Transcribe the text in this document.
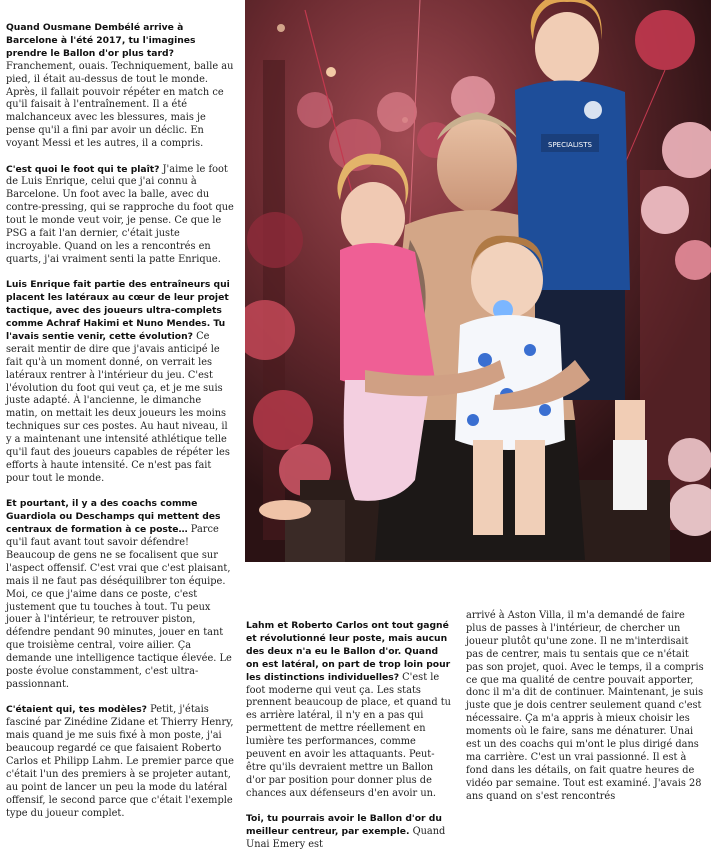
Quand Ousmane Dembélé arrive à Barcelone à l'été 2017, tu l'imagines prendre le Ballon d'or plus tard? Franchement, ouais. Techniquement, balle au pied, il était au-dessus de tout le monde. Après, il fallait pouvoir répéter en match ce qu'il faisait à l'entraînement. Il a été malchanceux avec les blessures, mais je pense qu'il a fini par avoir un déclic. En voyant Messi et les autres, il a compris.

C'est quoi le foot qui te plaît? J'aime le foot de Luis Enrique, celui que j'ai connu à Barcelone. Un foot avec la balle, avec du contre-pressing, qui se rapproche du foot que tout le monde veut voir, je pense. Ce que le PSG a fait l'an dernier, c'était juste incroyable. Quand on les a rencontrés en quarts, j'ai vraiment senti la patte Enrique.

Luis Enrique fait partie des entraîneurs qui placent les latéraux au cœur de leur projet tactique, avec des joueurs ultra-complets comme Achraf Hakimi et Nuno Mendes. Tu l'avais sentie venir, cette évolution? Ce serait mentir de dire que j'avais anticipé le fait qu'à un moment donné, on verrait les latéraux rentrer à l'intérieur du jeu. C'est l'évolution du foot qui veut ça, et je me suis juste adapté. À l'ancienne, le dimanche matin, on mettait les deux joueurs les moins techniques sur ces postes. Au haut niveau, il y a maintenant une intensité athlétique telle qu'il faut des joueurs capables de répéter les efforts à haute intensité. Ce n'est pas fait pour tout le monde.

Et pourtant, il y a des coachs comme Guardiola ou Deschamps qui mettent des centraux de formation à ce poste… Parce qu'il faut avant tout savoir défendre! Beaucoup de gens ne se focalisent que sur l'aspect offensif. C'est vrai que c'est plaisant, mais il ne faut pas déséquilibrer ton équipe. Moi, ce que j'aime dans ce poste, c'est justement que tu touches à tout. Tu peux jouer à l'intérieur, te retrouver piston, défendre pendant 90 minutes, jouer en tant que troisième central, voire ailier. Ça demande une intelligence tactique élevée. Le poste évolue constamment, c'est ultra-passionnant.

C'étaient qui, tes modèles? Petit, j'étais fasciné par Zinédine Zidane et Thierry Henry, mais quand je me suis fixé à mon poste, j'ai beaucoup regardé ce que faisaient Roberto Carlos et Philipp Lahm. Le premier parce que c'était l'un des premiers à se projeter autant, au point de lancer un peu la mode du latéral offensif, le second parce que c'était l'exemple type du joueur complet.

SPECIALISTS

Lahm et Roberto Carlos ont tout gagné et révolutionné leur poste, mais aucun des deux n'a eu le Ballon d'or. Quand on est latéral, on part de trop loin pour les distinctions individuelles? C'est le foot moderne qui veut ça. Les stats prennent beaucoup de place, et quand tu es arrière latéral, il n'y en a pas qui permettent de mettre réellement en lumière tes performances, comme peuvent en avoir les attaquants. Peut-être qu'ils devraient mettre un Ballon d'or par position pour donner plus de chances aux défenseurs d'en avoir un.

Toi, tu pourrais avoir le Ballon d'or du meilleur centreur, par exemple. Quand Unai Emery est

arrivé à Aston Villa, il m'a demandé de faire plus de passes à l'intérieur, de chercher un joueur plutôt qu'une zone. Il ne m'interdisait pas de centrer, mais tu sentais que ce n'était pas son projet, quoi. Avec le temps, il a compris ce que ma qualité de centre pouvait apporter, donc il m'a dit de continuer. Maintenant, je suis juste que je dois centrer seulement quand c'est nécessaire. Ça m'a appris à mieux choisir les moments où le faire, sans me dénaturer. Unai est un des coachs qui m'ont le plus dirigé dans ma carrière. C'est un vrai passionné. Il est à fond dans les détails, on fait quatre heures de vidéo par semaine. Tout est examiné. J'avais 28 ans quand on s'est rencontrés
